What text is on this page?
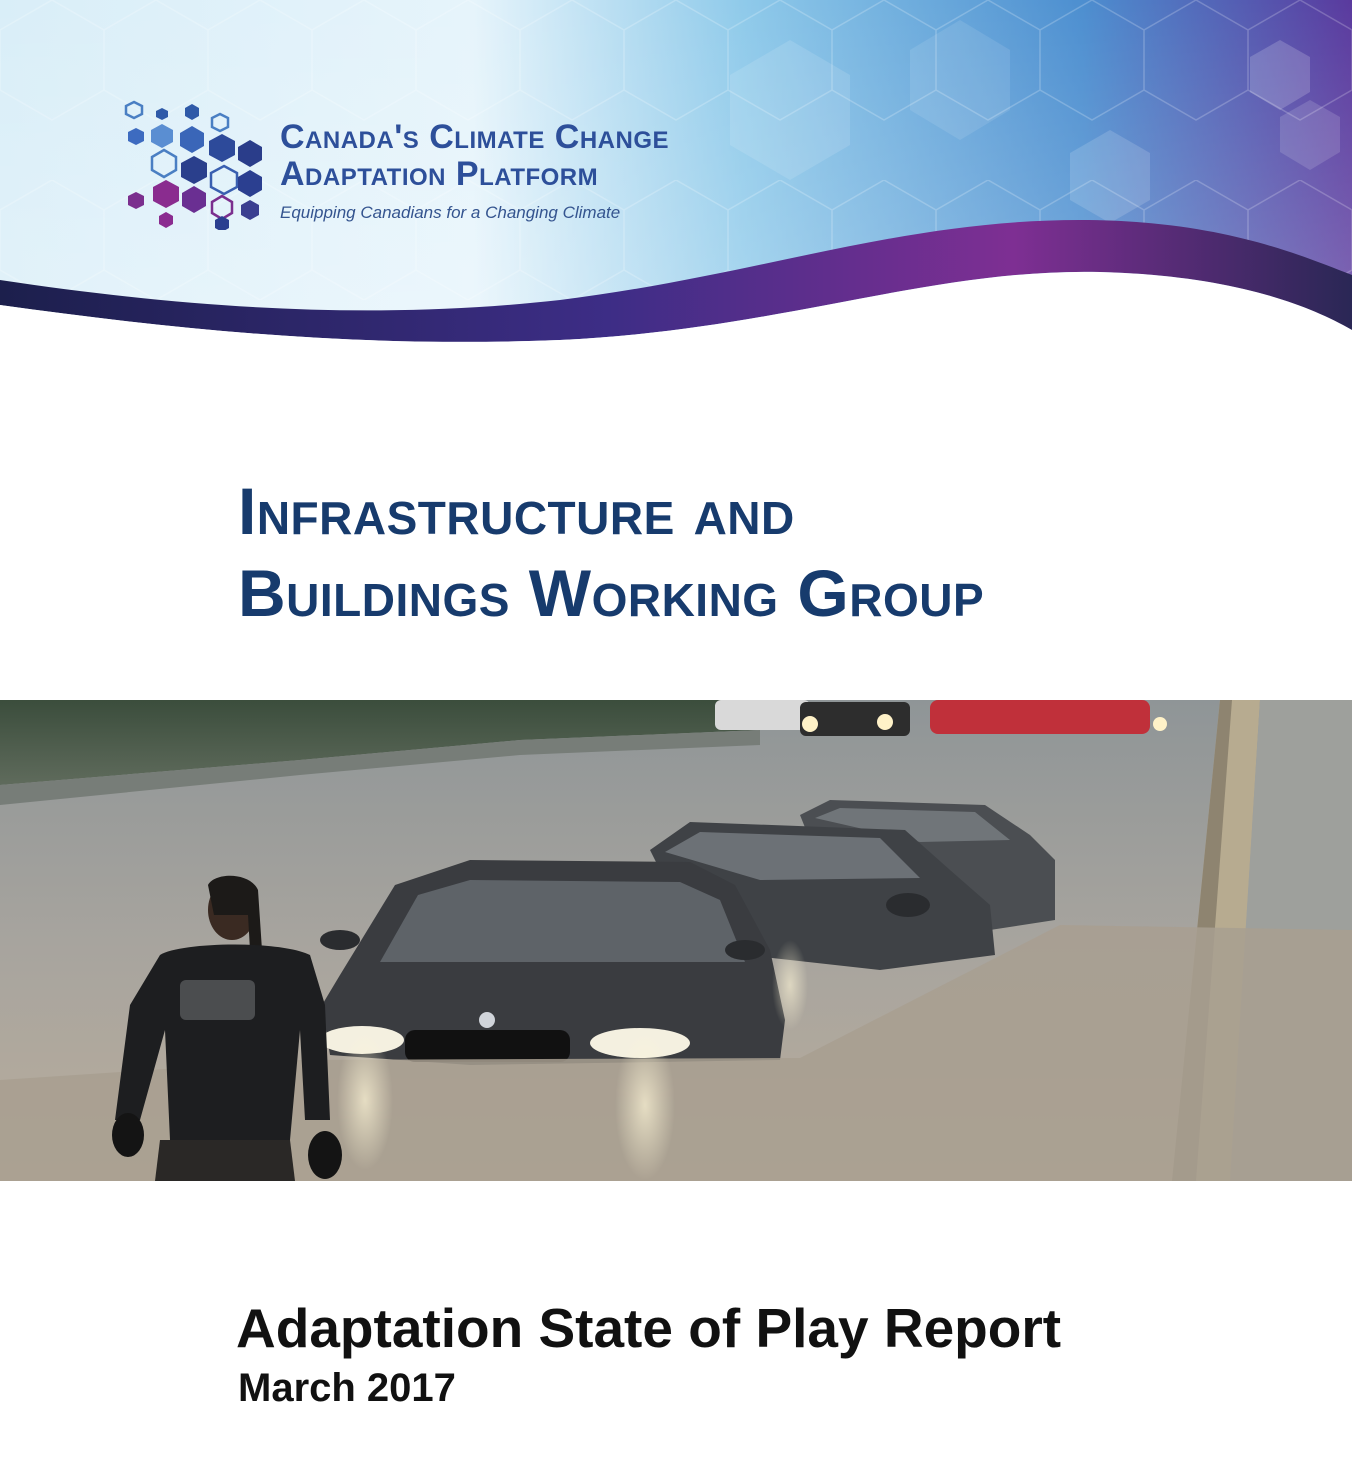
Canada's Climate Change
Adaptation Platform
Equipping Canadians for a Changing Climate
Infrastructure and
Buildings Working Group
Adaptation State of Play Report
March 2017
